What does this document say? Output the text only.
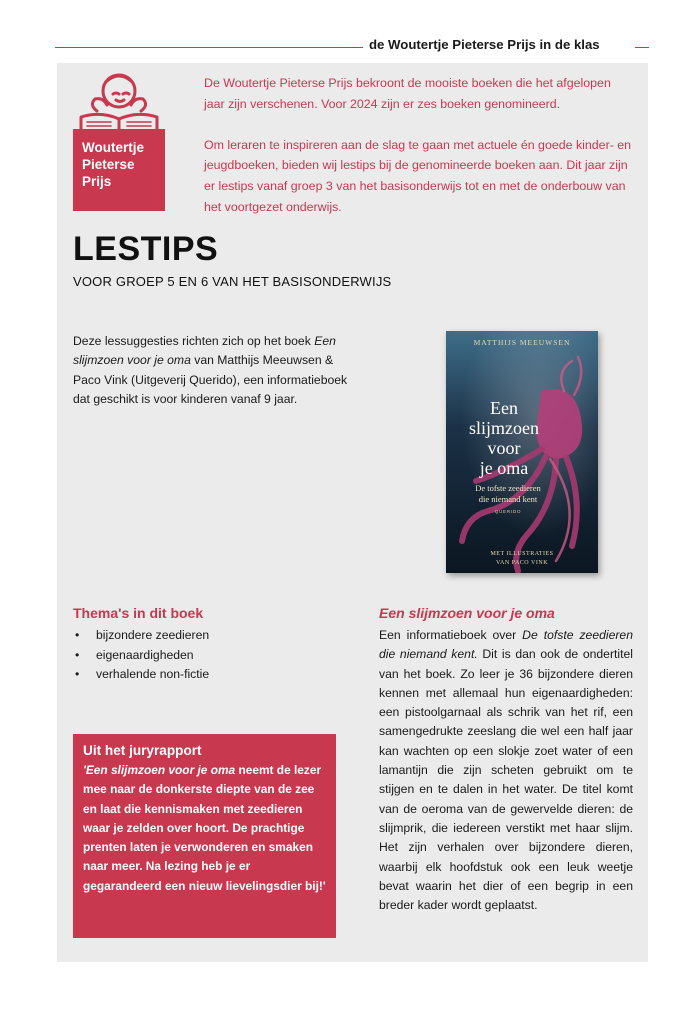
de Woutertje Pieterse Prijs in de klas
Woutertje
Pieterse
Prijs

De Woutertje Pieterse Prijs bekroont de mooiste boeken die het afgelopen jaar zijn verschenen. Voor 2024 zijn er zes boeken genomineerd.

Om leraren te inspireren aan de slag te gaan met actuele én goede kinder- en jeugdboeken, bieden wij lestips bij de genomineerde boeken aan. Dit jaar zijn er lestips vanaf groep 3 van het basisonderwijs tot en met de onderbouw van het voortgezet onderwijs.

LESTIPS
VOOR GROEP 5 EN 6 VAN HET BASISONDERWIJS
Deze lessuggesties richten zich op het boek Een slijmzoen voor je oma van Matthijs Meeuwsen & Paco Vink (Uitgeverij Querido), een informatieboek dat geschikt is voor kinderen vanaf 9 jaar.
MATTHIJS MEEUWSEN
Een
slijmzoen
voor
je oma
De tofste zeedieren
die niemand kent
QUERIDO
MET ILLUSTRATIES
VAN PACO VINK
Thema's in dit boek
• bijzondere zeedieren
• eigenaardigheden
• verhalende non-fictie
Uit het juryrapport
'Een slijmzoen voor je oma neemt de lezer mee naar de donkerste diepte van de zee en laat die kennismaken met zeedieren waar je zelden over hoort. De prachtige prenten laten je verwonderen en smaken naar meer. Na lezing heb je er gegarandeerd een nieuw lievelingsdier bij!'
Een slijmzoen voor je oma
Een informatieboek over De tofste zeedieren die niemand kent. Dit is dan ook de ondertitel van het boek. Zo leer je 36 bijzondere dieren kennen met allemaal hun eigenaardigheden: een pistoolgarnaal als schrik van het rif, een samengedrukte zeeslang die wel een half jaar kan wachten op een slokje zoet water of een lamantijn die zijn scheten gebruikt om te stijgen en te dalen in het water. De titel komt van de oeroma van de gewervelde dieren: de slijmprik, die iedereen verstikt met haar slijm. Het zijn verhalen over bijzondere dieren, waarbij elk hoofdstuk ook een leuk weetje bevat waarin het dier of een begrip in een breder kader wordt geplaatst.
